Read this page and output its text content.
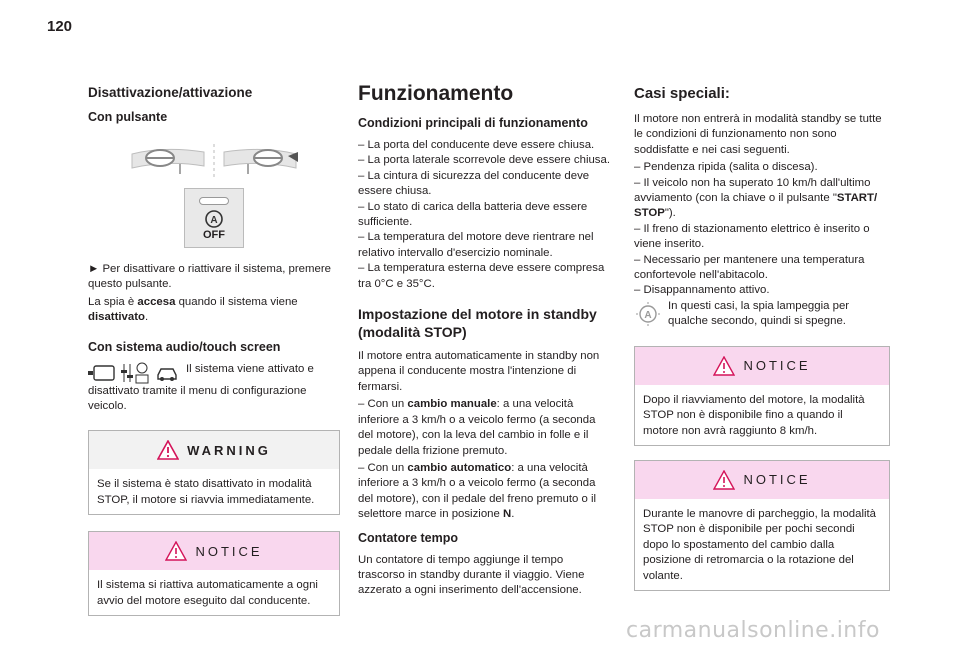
120
Disattivazione/attivazione
Con pulsante
A
OFF

► Per disattivare o riattivare il sistema, premere questo pulsante.

La spia è accesa quando il sistema viene disattivato.

Con sistema audio/touch screen

Il sistema viene attivato e disattivato tramite il menu di configurazione veicolo.

WARNING
Se il sistema è stato disattivato in modalità STOP, il motore si riavvia immediatamente.
NOTICE
Il sistema si riattiva automaticamente a ogni avvio del motore eseguito dal conducente.
Funzionamento
Condizioni principali di funzionamento

– La porta del conducente deve essere chiusa.

– La porta laterale scorrevole deve essere chiusa.

– La cintura di sicurezza del conducente deve essere chiusa.

– Lo stato di carica della batteria deve essere sufficiente.

– La temperatura del motore deve rientrare nel relativo intervallo d'esercizio nominale.

– La temperatura esterna deve essere compresa tra 0°C e 35°C.

Impostazione del motore in standby (modalità STOP)

Il motore entra automaticamente in standby non appena il conducente mostra l'intenzione di fermarsi.

– Con un cambio manuale: a una velocità inferiore a 3 km/h o a veicolo fermo (a seconda del motore), con la leva del cambio in folle e il pedale della frizione premuto.

– Con un cambio automatico: a una velocità inferiore a 3 km/h o a veicolo fermo (a seconda del motore), con il pedale del freno premuto o il selettore marce in posizione N.

Contatore tempo

Un contatore di tempo aggiunge il tempo trascorso in standby durante il viaggio. Viene azzerato a ogni inserimento dell'accensione.

Casi speciali:

Il motore non entrerà in modalità standby se tutte le condizioni di funzionamento non sono soddisfatte e nei casi seguenti.

– Pendenza ripida (salita o discesa).

– Il veicolo non ha superato 10 km/h dall'ultimo avviamento (con la chiave o il pulsante "START/ STOP").

– Il freno di stazionamento elettrico è inserito o viene inserito.

– Necessario per mantenere una temperatura confortevole nell'abitacolo.

– Disappannamento attivo.

A

In questi casi, la spia lampeggia per qualche secondo, quindi si spegne.

NOTICE
Dopo il riavviamento del motore, la modalità STOP non è disponibile fino a quando il motore non avrà raggiunto 8 km/h.
NOTICE
Durante le manovre di parcheggio, la modalità STOP non è disponibile per pochi secondi dopo lo spostamento del cambio dalla posizione di retromarcia o la rotazione del volante.
carmanualsonline.info
